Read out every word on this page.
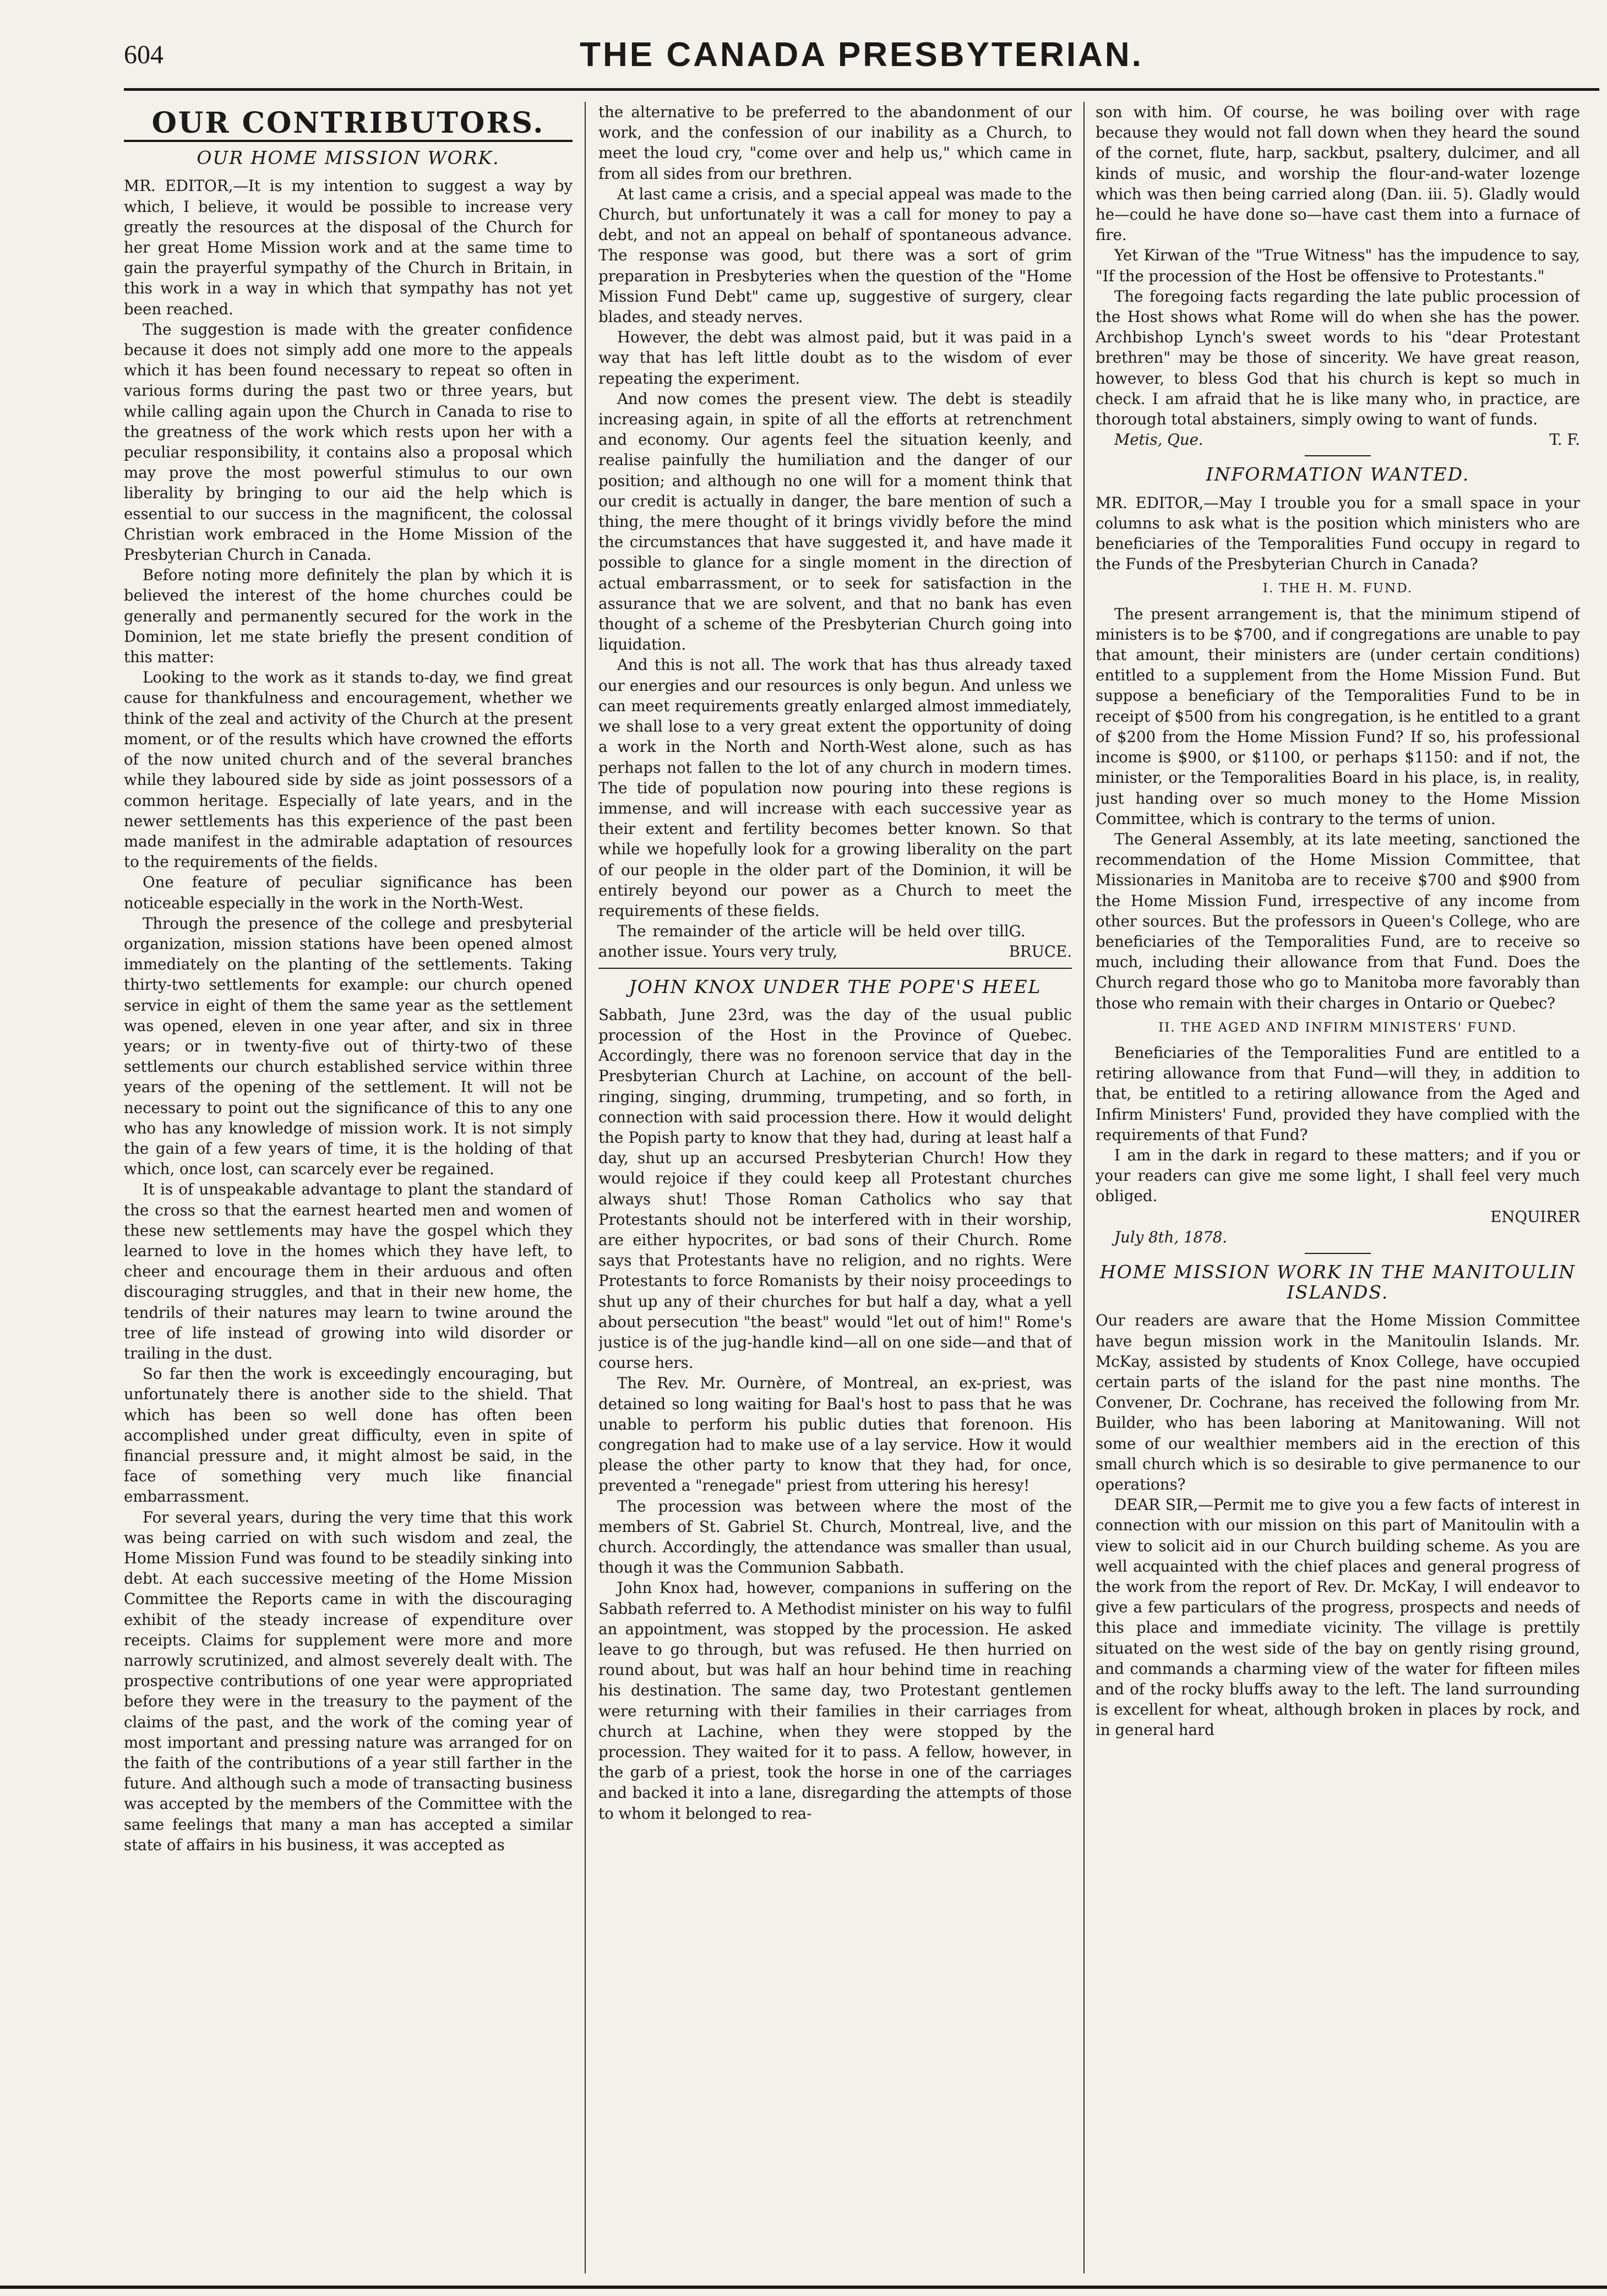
604	THE CANADA PRESBYTERIAN.
OUR CONTRIBUTORS.
OUR HOME MISSION WORK.

MR. EDITOR,—It is my intention to suggest a way by which, I believe, it would be possible to increase very greatly the resources at the disposal of the Church for her great Home Mission work and at the same time to gain the prayerful sympathy of the Church in Britain, in this work in a way in which that sympathy has not yet been reached.

The suggestion is made with the greater confidence because it does not simply add one more to the appeals which it has been found necessary to repeat so often in various forms during the past two or three years, but while calling again upon the Church in Canada to rise to the greatness of the work which rests upon her with a peculiar responsibility, it contains also a proposal which may prove the most powerful stimulus to our own liberality by bringing to our aid the help which is essential to our success in the magnificent, the colossal Christian work embraced in the Home Mission of the Presbyterian Church in Canada.

Before noting more definitely the plan by which it is believed the interest of the home churches could be generally and permanently secured for the work in the Dominion, let me state briefly the present condition of this matter:

Looking to the work as it stands to-day, we find great cause for thankfulness and encouragement, whether we think of the zeal and activity of the Church at the present moment, or of the results which have crowned the efforts of the now united church and of the several branches while they laboured side by side as joint possessors of a common heritage. Especially of late years, and in the newer settlements has this experience of the past been made manifest in the admirable adaptation of resources to the requirements of the fields.

One feature of peculiar significance has been noticeable especially in the work in the North-West.

Through the presence of the college and presbyterial organization, mission stations have been opened almost immediately on the planting of the settlements. Taking thirty-two settlements for example: our church opened service in eight of them the same year as the settlement was opened, eleven in one year after, and six in three years; or in twenty-five out of thirty-two of these settlements our church established service within three years of the opening of the settlement. It will not be necessary to point out the significance of this to any one who has any knowledge of mission work. It is not simply the gain of a few years of time, it is the holding of that which, once lost, can scarcely ever be regained.

It is of unspeakable advantage to plant the standard of the cross so that the earnest hearted men and women of these new settlements may have the gospel which they learned to love in the homes which they have left, to cheer and encourage them in their arduous and often discouraging struggles, and that in their new home, the tendrils of their natures may learn to twine around the tree of life instead of growing into wild disorder or trailing in the dust.

So far then the work is exceedingly encouraging, but unfortunately there is another side to the shield. That which has been so well done has often been accomplished under great difficulty, even in spite of financial pressure and, it might almost be said, in the face of something very much like financial embarrassment.

For several years, during the very time that this work was being carried on with such wisdom and zeal, the Home Mission Fund was found to be steadily sinking into debt. At each successive meeting of the Home Mission Committee the Reports came in with the discouraging exhibit of the steady increase of expenditure over receipts. Claims for supplement were more and more narrowly scrutinized, and almost severely dealt with. The prospective contributions of one year were appropriated before they were in the treasury to the payment of the claims of the past, and the work of the coming year of most important and pressing nature was arranged for on the faith of the contributions of a year still farther in the future. And although such a mode of transacting business was accepted by the members of the Committee with the same feelings that many a man has accepted a similar state of affairs in his business, it was accepted as

the alternative to be preferred to the abandonment of our work, and the confession of our inability as a Church, to meet the loud cry, "come over and help us," which came in from all sides from our brethren.

At last came a crisis, and a special appeal was made to the Church, but unfortunately it was a call for money to pay a debt, and not an appeal on behalf of spontaneous advance. The response was good, but there was a sort of grim preparation in Presbyteries when the question of the "Home Mission Fund Debt" came up, suggestive of surgery, clear blades, and steady nerves.

However, the debt was almost paid, but it was paid in a way that has left little doubt as to the wisdom of ever repeating the experiment.

And now comes the present view. The debt is steadily increasing again, in spite of all the efforts at retrenchment and economy. Our agents feel the situation keenly, and realise painfully the humiliation and the danger of our position; and although no one will for a moment think that our credit is actually in danger, the bare mention of such a thing, the mere thought of it brings vividly before the mind the circumstances that have suggested it, and have made it possible to glance for a single moment in the direction of actual embarrassment, or to seek for satisfaction in the assurance that we are solvent, and that no bank has even thought of a scheme of the Presbyterian Church going into liquidation.

And this is not all. The work that has thus already taxed our energies and our resources is only begun. And unless we can meet requirements greatly enlarged almost immediately, we shall lose to a very great extent the opportunity of doing a work in the North and North-West alone, such as has perhaps not fallen to the lot of any church in modern times. The tide of population now pouring into these regions is immense, and will increase with each successive year as their extent and fertility becomes better known. So that while we hopefully look for a growing liberality on the part of our people in the older part of the Dominion, it will be entirely beyond our power as a Church to meet the requirements of these fields.

The remainder of the article will be held over till another issue. Yours very truly,

G. BRUCE.
JOHN KNOX UNDER THE POPE'S HEEL

Sabbath, June 23rd, was the day of the usual public procession of the Host in the Province of Quebec. Accordingly, there was no forenoon service that day in the Presbyterian Church at Lachine, on account of the bell-ringing, singing, drumming, trumpeting, and so forth, in connection with said procession there. How it would delight the Popish party to know that they had, during at least half a day, shut up an accursed Presbyterian Church! How they would rejoice if they could keep all Protestant churches always shut! Those Roman Catholics who say that Protestants should not be interfered with in their worship, are either hypocrites, or bad sons of their Church. Rome says that Protestants have no religion, and no rights. Were Protestants to force Romanists by their noisy proceedings to shut up any of their churches for but half a day, what a yell about persecution "the beast" would "let out of him!" Rome's justice is of the jug-handle kind—all on one side—and that of course hers.

The Rev. Mr. Ournère, of Montreal, an ex-priest, was detained so long waiting for Baal's host to pass that he was unable to perform his public duties that forenoon. His congregation had to make use of a lay service. How it would please the other party to know that they had, for once, prevented a "renegade" priest from uttering his heresy!

The procession was between where the most of the members of St. Gabriel St. Church, Montreal, live, and the church. Accordingly, the attendance was smaller than usual, though it was the Communion Sabbath.

John Knox had, however, companions in suffering on the Sabbath referred to. A Methodist minister on his way to fulfil an appointment, was stopped by the procession. He asked leave to go through, but was refused. He then hurried on round about, but was half an hour behind time in reaching his destination. The same day, two Protestant gentlemen were returning with their families in their carriages from church at Lachine, when they were stopped by the procession. They waited for it to pass. A fellow, however, in the garb of a priest, took the horse in one of the carriages and backed it into a lane, disregarding the attempts of those to whom it belonged to rea-

son with him. Of course, he was boiling over with rage because they would not fall down when they heard the sound of the cornet, flute, harp, sackbut, psaltery, dulcimer, and all kinds of music, and worship the flour-and-water lozenge which was then being carried along (Dan. iii. 5). Gladly would he—could he have done so—have cast them into a furnace of fire.

Yet Kirwan of the "True Witness" has the impudence to say, "If the procession of the Host be offensive to Protestants."

The foregoing facts regarding the late public procession of the Host shows what Rome will do when she has the power. Archbishop Lynch's sweet words to his "dear Protestant brethren" may be those of sincerity. We have great reason, however, to bless God that his church is kept so much in check. I am afraid that he is like many who, in practice, are thorough total abstainers, simply owing to want of funds.

Metis, Que.	T. F.
INFORMATION WANTED.

MR. EDITOR,—May I trouble you for a small space in your columns to ask what is the position which ministers who are beneficiaries of the Temporalities Fund occupy in regard to the Funds of the Presbyterian Church in Canada?

I. THE H. M. FUND.

The present arrangement is, that the minimum stipend of ministers is to be $700, and if congregations are unable to pay that amount, their ministers are (under certain conditions) entitled to a supplement from the Home Mission Fund. But suppose a beneficiary of the Temporalities Fund to be in receipt of $500 from his congregation, is he entitled to a grant of $200 from the Home Mission Fund? If so, his professional income is $900, or $1100, or perhaps $1150: and if not, the minister, or the Temporalities Board in his place, is, in reality, just handing over so much money to the Home Mission Committee, which is contrary to the terms of union.

The General Assembly, at its late meeting, sanctioned the recommendation of the Home Mission Committee, that Missionaries in Manitoba are to receive $700 and $900 from the Home Mission Fund, irrespective of any income from other sources. But the professors in Queen's College, who are beneficiaries of the Temporalities Fund, are to receive so much, including their allowance from that Fund. Does the Church regard those who go to Manitoba more favorably than those who remain with their charges in Ontario or Quebec?

II. THE AGED AND INFIRM MINISTERS' FUND.

Beneficiaries of the Temporalities Fund are entitled to a retiring allowance from that Fund—will they, in addition to that, be entitled to a retiring allowance from the Aged and Infirm Ministers' Fund, provided they have complied with the requirements of that Fund?

I am in the dark in regard to these matters; and if you or your readers can give me some light, I shall feel very much obliged.

ENQUIRER
July 8th, 1878.
HOME MISSION WORK IN THE MANITOULIN ISLANDS.

Our readers are aware that the Home Mission Committee have begun mission work in the Manitoulin Islands. Mr. McKay, assisted by students of Knox College, have occupied certain parts of the island for the past nine months. The Convener, Dr. Cochrane, has received the following from Mr. Builder, who has been laboring at Manitowaning. Will not some of our wealthier members aid in the erection of this small church which is so desirable to give permanence to our operations?

DEAR SIR,—Permit me to give you a few facts of interest in connection with our mission on this part of Manitoulin with a view to solicit aid in our Church building scheme. As you are well acquainted with the chief places and general progress of the work from the report of Rev. Dr. McKay, I will endeavor to give a few particulars of the progress, prospects and needs of this place and immediate vicinity. The village is prettily situated on the west side of the bay on gently rising ground, and commands a charming view of the water for fifteen miles and of the rocky bluffs away to the left. The land surrounding is excellent for wheat, although broken in places by rock, and in general hard
